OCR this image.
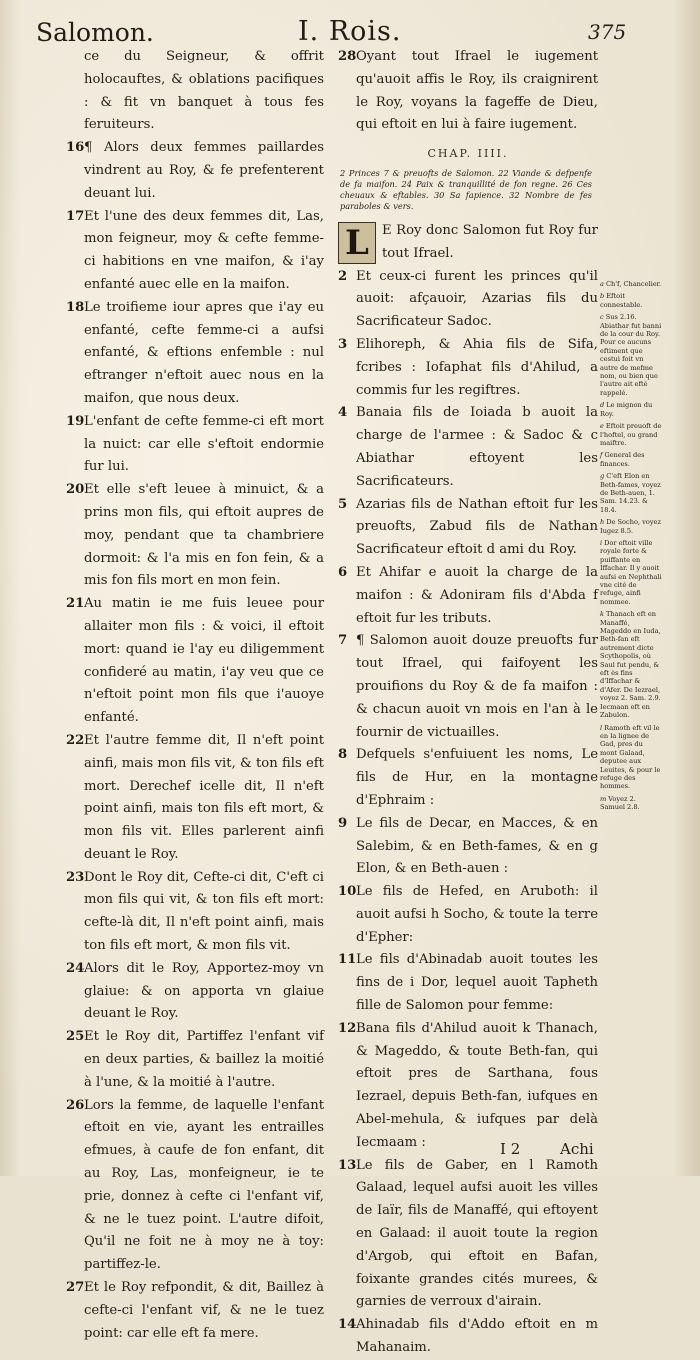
Salomon.	I. Rois.	375

ce du Seigneur, & offrit holocauftes, & oblations pacifiques : & fit vn banquet à tous fes feruiteurs.

16¶ Alors deux femmes paillardes vindrent au Roy, & fe prefenterent deuant lui.

17Et l'une des deux femmes dit, Las, mon feigneur, moy & cefte femme-ci habitions en vne maifon, & i'ay enfanté auec elle en la maifon.

18Le troifieme iour apres que i'ay eu enfanté, cefte femme-ci a aufsi enfanté, & eftions enfemble : nul eftranger n'eftoit auec nous en la maifon, que nous deux.

19L'enfant de cefte femme-ci eft mort la nuict: car elle s'eftoit endormie fur lui.

20Et elle s'eft leuee à minuict, & a prins mon fils, qui eftoit aupres de moy, pendant que ta chambriere dormoit: & l'a mis en fon fein, & a mis fon fils mort en mon fein.

21Au matin ie me fuis leuee pour allaiter mon fils : & voici, il eftoit mort: quand ie l'ay eu diligemment confideré au matin, i'ay veu que ce n'eftoit point mon fils que i'auoye enfanté.

22Et l'autre femme dit, Il n'eft point ainfi, mais mon fils vit, & ton fils eft mort. Derechef icelle dit, Il n'eft point ainfi, mais ton fils eft mort, & mon fils vit. Elles parlerent ainfi deuant le Roy.

23Dont le Roy dit, Cefte-ci dit, C'eft ci mon fils qui vit, & ton fils eft mort: cefte-là dit, Il n'eft point ainfi, mais ton fils eft mort, & mon fils vit.

24Alors dit le Roy, Apportez-moy vn glaiue: & on apporta vn glaiue deuant le Roy.

25Et le Roy dit, Partiffez l'enfant vif en deux parties, & baillez la moitié à l'une, & la moitié à l'autre.

26Lors la femme, de laquelle l'enfant eftoit en vie, ayant les entrailles efmues, à caufe de fon enfant, dit au Roy, Las, monfeigneur, ie te prie, donnez à cefte ci l'enfant vif, & ne le tuez point. L'autre difoit, Qu'il ne foit ne à moy ne à toy: partiffez-le.

27Et le Roy refpondit, & dit, Baillez à cefte-ci l'enfant vif, & ne le tuez point: car elle eft fa mere.

28Oyant tout Ifrael le iugement qu'auoit affis le Roy, ils craignirent le Roy, voyans la fageffe de Dieu, qui eftoit en lui à faire iugement.

CHAP. IIII.
2 Princes 7 & preuofts de Salomon. 22 Viande & defpenfe de fa maifon. 24 Paix & tranquillité de fon regne. 26 Ces cheuaux & eftables. 30 Sa fapience. 32 Nombre de fes paraboles & vers.

L E Roy donc Salomon fut Roy fur tout Ifrael.

2 Et ceux-ci furent les princes qu'il auoit: afçauoir, Azarias fils du Sacrificateur Sadoc.

3 Elihoreph, & Ahia fils de Sifa, fcribes : Iofaphat fils d'Ahilud, a commis fur les regiftres.

4 Banaia fils de Ioiada b auoit la charge de l'armee : & Sadoc & c Abiathar eftoyent les Sacrificateurs.

5 Azarias fils de Nathan eftoit fur les preuofts, Zabud fils de Nathan Sacrificateur eftoit d ami du Roy.

6 Et Ahifar e auoit la charge de la maifon : & Adoniram fils d'Abda f eftoit fur les tributs.

7 ¶ Salomon auoit douze preuofts fur tout Ifrael, qui faifoyent les prouifions du Roy & de fa maifon : & chacun auoit vn mois en l'an à le fournir de victuailles.

8 Defquels s'enfuiuent les noms, Le fils de Hur, en la montagne d'Ephraim :

9 Le fils de Decar, en Macces, & en Salebim, & en Beth-fames, & en g Elon, & en Beth-auen :

10Le fils de Hefed, en Aruboth: il auoit aufsi h Socho, & toute la terre d'Epher:

11Le fils d'Abinadab auoit toutes les fins de i Dor, lequel auoit Tapheth fille de Salomon pour femme:

12Bana fils d'Ahilud auoit k Thanach, & Mageddo, & toute Beth-fan, qui eftoit pres de Sarthana, fous Iezrael, depuis Beth-fan, iufques en Abel-mehula, & iufques par delà Iecmaam :

13Le fils de Gaber, en l Ramoth Galaad, lequel aufsi auoit les villes de Iaïr, fils de Manaffé, qui eftoyent en Galaad: il auoit toute la region d'Argob, qui eftoit en Bafan, foixante grandes cités murees, & garnies de verroux d'airain.

14Ahinadab fils d'Addo eftoit en m Mahanaim.

a Ch'f, Chancelier.

b Eftoit connestable.

c Sus 2.16. Abiathar fut banni de la cour du Roy. Pour ce aucuns eftiment que cestui foit vn autre de mefme nom, ou bien que l'autre ait efté rappelé.

d Le mignon du Roy.

e Eftoit preuoft de l'hoftel, ou grand maiftre.

f General des finances.

g C'eft Elon en Beth-fames, voyez de Beth-auen, 1. Sam. 14.23. & 18.4.

h De Socho, voyez Iugez 8.5.

i Dor eftoit ville royale forte & puiffante en Iffachar. Il y auoit aufsi en Nephthali vne cité de refuge, ainfi nommee.

k Thanach eft en Manaffé, Mageddo en Iuda, Beth-fan eft autrement dicte Scythopolis, où Saul fut pendu, & eft ès fins d'Iffachar & d'Afer. De Iezrael, voyez 2. Sam. 2.9. Iecmaan eft en Zabulon.

l Ramoth eft vil le en la lignee de Gad, pres du mont Galaad, deputee aux Leuites, & pour le refuge des hommes.

m Voyez 2. Samuel 2.8.

I 2	Achi
